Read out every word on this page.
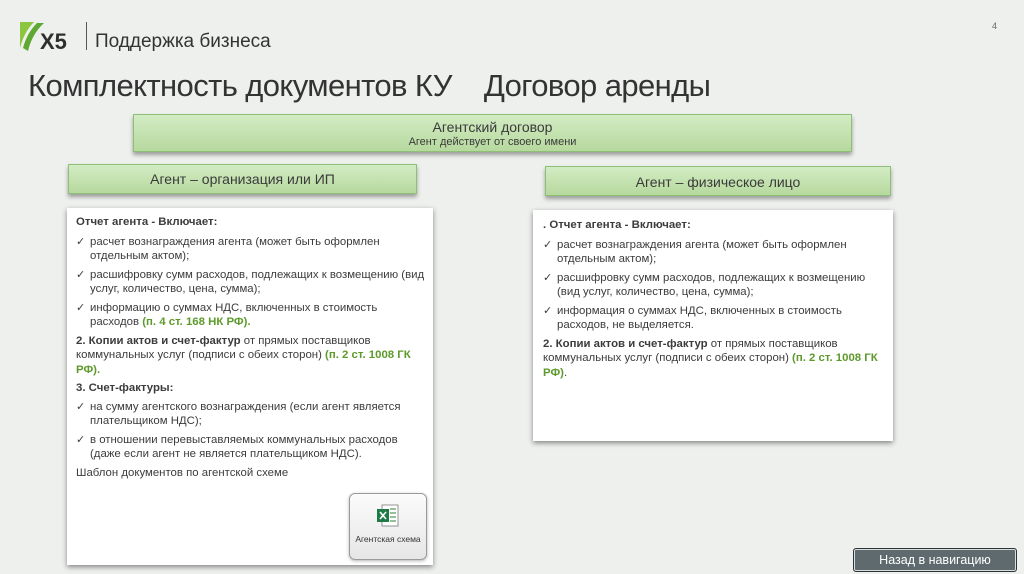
X5 Поддержка бизнеса
4
Комплектность документов КУ    Договор аренды
Агентский договор
Агент действует от своего имени
Агент – организация или ИП	Агент – физическое лицо
Отчет агента - Включает:
✓ расчет вознаграждения агента (может быть оформлен отдельным актом);
✓ расшифровку сумм расходов, подлежащих к возмещению (вид услуг, количество, цена, сумма);
✓ информацию о суммах НДС, включенных в стоимость расходов (п. 4 ст. 168 НК РФ).
2. Копии актов и счет-фактур от прямых поставщиков коммунальных услуг (подписи с обеих сторон) (п. 2 ст. 1008 ГК РФ).
3. Счет-фактуры:
✓ на сумму агентского вознаграждения (если агент является плательщиком НДС);
✓ в отношении перевыставляемых коммунальных расходов (даже если агент не является плательщиком НДС).
Шаблон документов по агентской схеме
Агентская схема
. Отчет агента - Включает:
✓ расчет вознаграждения агента (может быть оформлен отдельным актом);
✓ расшифровку сумм расходов, подлежащих к возмещению (вид услуг, количество, цена, сумма);
✓ информация о суммах НДС, включенных в стоимость расходов, не выделяется.
2. Копии актов и счет-фактур от прямых поставщиков коммунальных услуг (подписи с обеих сторон) (п. 2 ст. 1008 ГК РФ).
Назад в навигацию
